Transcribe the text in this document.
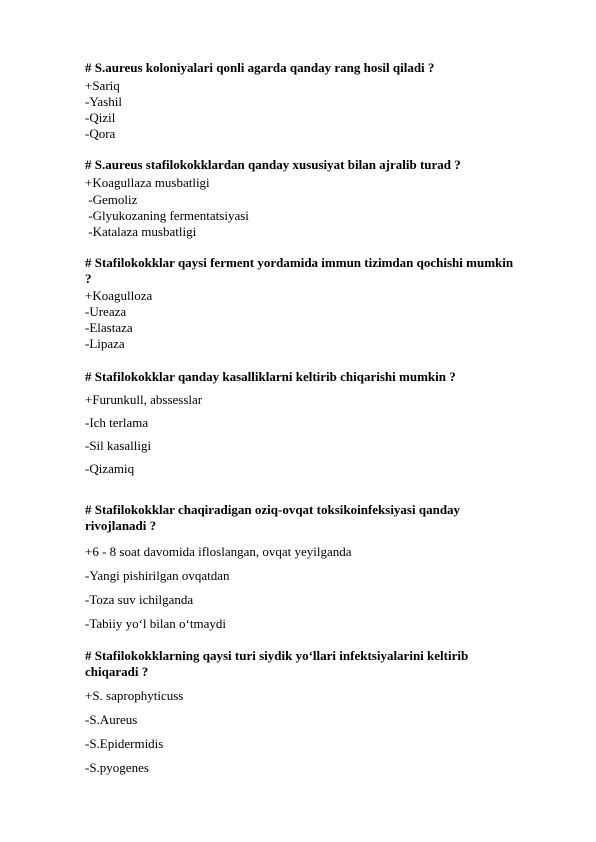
# S.aureus koloniyalari qonli agarda qanday rang hosil qiladi ?
+Sariq
-Yashil
-Qizil
-Qora
# S.aureus stafilokokklardan qanday xususiyat bilan ajralib turad ?
+Koagullaza musbatligi
-Gemoliz
-Glyukozaning fermentatsiyasi
-Katalaza musbatligi
# Stafilokokklar qaysi ferment yordamida immun tizimdan qochishi mumkin ?
+Koagulloza
-Ureaza
-Elastaza
-Lipaza
# Stafilokokklar qanday kasalliklarni keltirib chiqarishi mumkin ?
+Furunkull, abssesslar
-Ich terlama
-Sil kasalligi
-Qizamiq
# Stafilokokklar chaqiradigan oziq-ovqat toksikoinfeksiyasi qanday rivojlanadi ?
+6 - 8 soat davomida ifloslangan, ovqat yeyilganda
-Yangi pishirilgan ovqatdan
-Toza suv ichilganda
-Tabiiy yo‘l bilan o‘tmaydi
# Stafilokokklarning qaysi turi siydik yo‘llari infektsiyalarini keltirib chiqaradi ?
+S. saprophyticuss
-S.Aureus
-S.Epidermidis
-S.pyogenes
